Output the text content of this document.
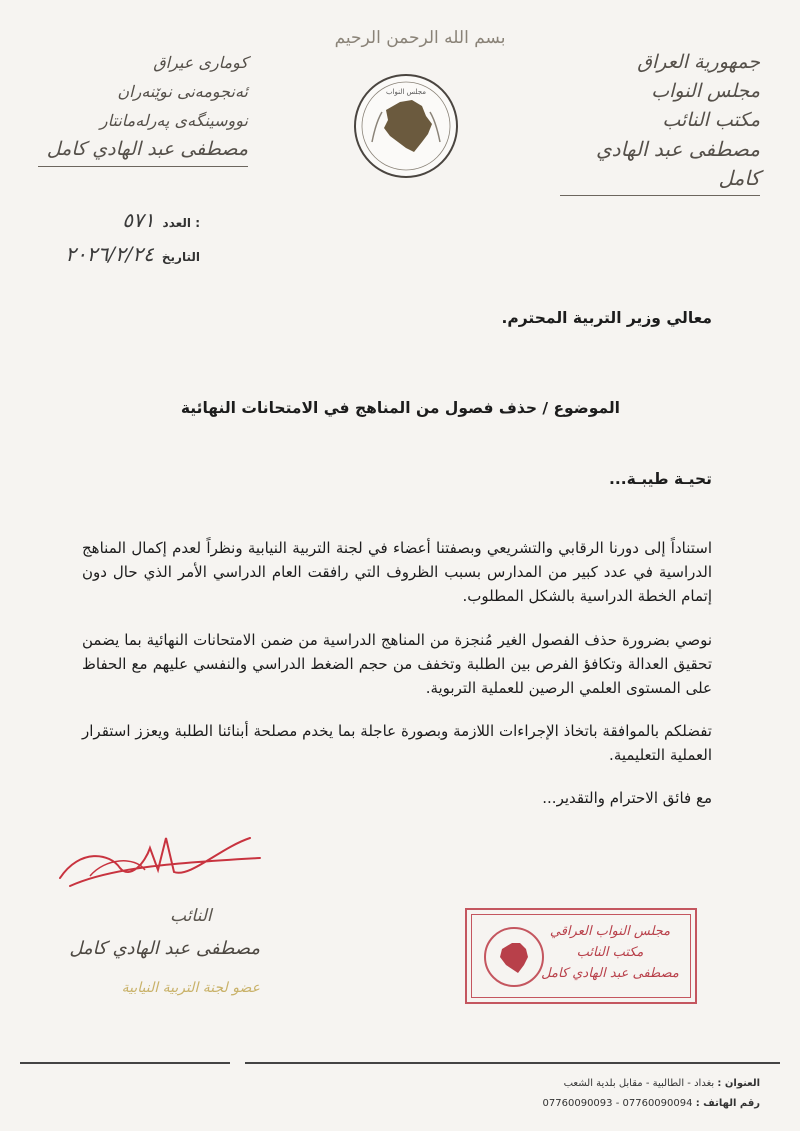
بسم الله الرحمن الرحيم
جمهورية العراق
مجلس النواب
مكتب النائب
مصطفى عبد الهادي كامل
مجلس النواب
كوماری عیراق
ئەنجومەنی نوێنەران
نووسینگەی پەرلەمانتار
مصطفى عبد الهادي كامل
العدد :
٥٧١
التاريخ
٢٠٢٦/٢/٢٤
معالي وزير التربية المحترم.
الموضوع / حذف فصول من المناهج في الامتحانات النهائية
تحيـة طيبـة...
استناداً إلى دورنا الرقابي والتشريعي وبصفتنا أعضاء في لجنة التربية النيابية ونظراً لعدم إكمال المناهج الدراسية في عدد كبير من المدارس بسبب الظروف التي رافقت العام الدراسي الأمر الذي حال دون إتمام الخطة الدراسية بالشكل المطلوب.
نوصي بضرورة حذف الفصول الغير مُنجزة من المناهج الدراسية من ضمن الامتحانات النهائية بما يضمن تحقيق العدالة وتكافؤ الفرص بين الطلبة وتخفف من حجم الضغط الدراسي والنفسي عليهم مع الحفاظ على المستوى العلمي الرصين للعملية التربوية.
تفضلكم بالموافقة باتخاذ الإجراءات اللازمة وبصورة عاجلة بما يخدم مصلحة أبنائنا الطلبة ويعزز استقرار العملية التعليمية.
مع فائق الاحترام والتقدير...
النائب
مصطفى عبد الهادي كامل
عضو لجنة التربية النيابية
مجلس النواب العراقي
مكتب النائب
مصطفى عبد الهادي كامل
العنوان : بغداد - الطالبية - مقابل بلدية الشعب
رقم الهاتف : 07760090094 - 07760090093
